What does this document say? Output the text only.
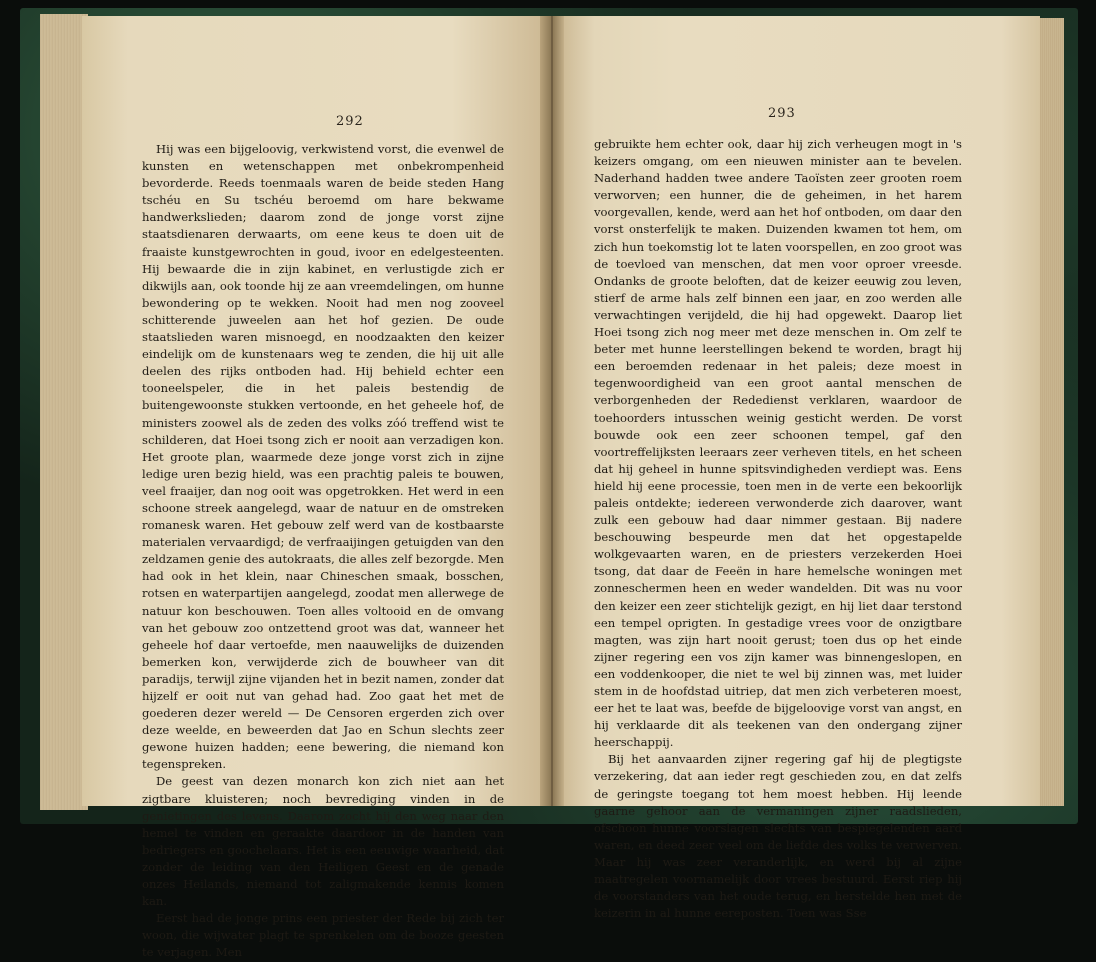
292

Hij was een bijgeloovig, verkwistend vorst, die evenwel de kunsten en wetenschappen met onbekrompenheid bevorderde. Reeds toenmaals waren de beide steden Hang tschéu en Su tschéu beroemd om hare bekwame handwerkslieden; daarom zond de jonge vorst zijne staatsdienaren derwaarts, om eene keus te doen uit de fraaiste kunstgewrochten in goud, ivoor en edelgesteenten. Hij bewaarde die in zijn kabinet, en verlustigde zich er dikwijls aan, ook toonde hij ze aan vreemdelingen, om hunne bewondering op te wekken. Nooit had men nog zooveel schitterende juweelen aan het hof gezien. De oude staatslieden waren misnoegd, en noodzaakten den keizer eindelijk om de kunstenaars weg te zenden, die hij uit alle deelen des rijks ontboden had. Hij behield echter een tooneelspeler, die in het paleis bestendig de buitengewoonste stukken vertoonde, en het geheele hof, de ministers zoowel als de zeden des volks zóó treffend wist te schilderen, dat Hoei tsong zich er nooit aan verzadigen kon. Het groote plan, waarmede deze jonge vorst zich in zijne ledige uren bezig hield, was een prachtig paleis te bouwen, veel fraaijer, dan nog ooit was opgetrokken. Het werd in een schoone streek aangelegd, waar de natuur en de omstreken romanesk waren. Het gebouw zelf werd van de kostbaarste materialen vervaardigd; de verfraaijingen getuigden van den zeldzamen genie des autokraats, die alles zelf bezorgde. Men had ook in het klein, naar Chineschen smaak, bosschen, rotsen en waterpartijen aangelegd, zoodat men allerwege de natuur kon beschouwen. Toen alles voltooid en de omvang van het gebouw zoo ontzettend groot was dat, wanneer het geheele hof daar vertoefde, men naauwelijks de duizenden bemerken kon, verwijderde zich de bouwheer van dit paradijs, terwijl zijne vijanden het in bezit namen, zonder dat hijzelf er ooit nut van gehad had. Zoo gaat het met de goederen dezer wereld — De Censoren ergerden zich over deze weelde, en beweerden dat Jao en Schun slechts zeer gewone huizen hadden; eene bewering, die niemand kon tegenspreken.

De geest van dezen monarch kon zich niet aan het zigtbare kluisteren; noch bevrediging vinden in de genietingen des levens. Daarom zocht hij den weg naar den hemel te vinden en geraakte daardoor in de handen van bedriegers en goochelaars. Het is een eeuwige waarheid, dat zonder de leiding van den Heiligen Geest en de genade onzes Heilands, niemand tot zaligmakende kennis komen kan.

Eerst had de jonge prins een priester der Rede bij zich ter woon, die wijwater plagt te sprenkelen om de booze geesten te verjagen. Men

293

gebruikte hem echter ook, daar hij zich verheugen mogt in 's keizers omgang, om een nieuwen minister aan te bevelen. Naderhand hadden twee andere Taoïsten zeer grooten roem verworven; een hunner, die de geheimen, in het harem voorgevallen, kende, werd aan het hof ontboden, om daar den vorst onsterfelijk te maken. Duizenden kwamen tot hem, om zich hun toekomstig lot te laten voorspellen, en zoo groot was de toevloed van menschen, dat men voor oproer vreesde. Ondanks de groote beloften, dat de keizer eeuwig zou leven, stierf de arme hals zelf binnen een jaar, en zoo werden alle verwachtingen verijdeld, die hij had opgewekt. Daarop liet Hoei tsong zich nog meer met deze menschen in. Om zelf te beter met hunne leerstellingen bekend te worden, bragt hij een beroemden redenaar in het paleis; deze moest in tegenwoordigheid van een groot aantal menschen de verborgenheden der Rededienst verklaren, waardoor de toehoorders intusschen weinig gesticht werden. De vorst bouwde ook een zeer schoonen tempel, gaf den voortreffelijksten leeraars zeer verheven titels, en het scheen dat hij geheel in hunne spitsvindigheden verdiept was. Eens hield hij eene processie, toen men in de verte een bekoorlijk paleis ontdekte; iedereen verwonderde zich daarover, want zulk een gebouw had daar nimmer gestaan. Bij nadere beschouwing bespeurde men dat het opgestapelde wolkgevaarten waren, en de priesters verzekerden Hoei tsong, dat daar de Feeën in hare hemelsche woningen met zonneschermen heen en weder wandelden. Dit was nu voor den keizer een zeer stichtelijk gezigt, en hij liet daar terstond een tempel oprigten. In gestadige vrees voor de onzigtbare magten, was zijn hart nooit gerust; toen dus op het einde zijner regering een vos zijn kamer was binnengeslopen, en een voddenkooper, die niet te wel bij zinnen was, met luider stem in de hoofdstad uitriep, dat men zich verbeteren moest, eer het te laat was, beefde de bijgeloovige vorst van angst, en hij verklaarde dit als teekenen van den ondergang zijner heerschappij.

Bij het aanvaarden zijner regering gaf hij de plegtigste verzekering, dat aan ieder regt geschieden zou, en dat zelfs de geringste toegang tot hem moest hebben. Hij leende gaarne gehoor aan de vermaningen zijner raadslieden, ofschoon hunne voorslagen slechts van bespiegelenden aard waren, en deed zeer veel om de liefde des volks te verwerven. Maar hij was zeer veranderlijk, en werd bij al zijne maatregelen voornamelijk door vrees bestuurd. Eerst riep hij de voorstanders van het oude terug, en herstelde hen met de keizerin in al hunne eereposten. Toen was Sse
